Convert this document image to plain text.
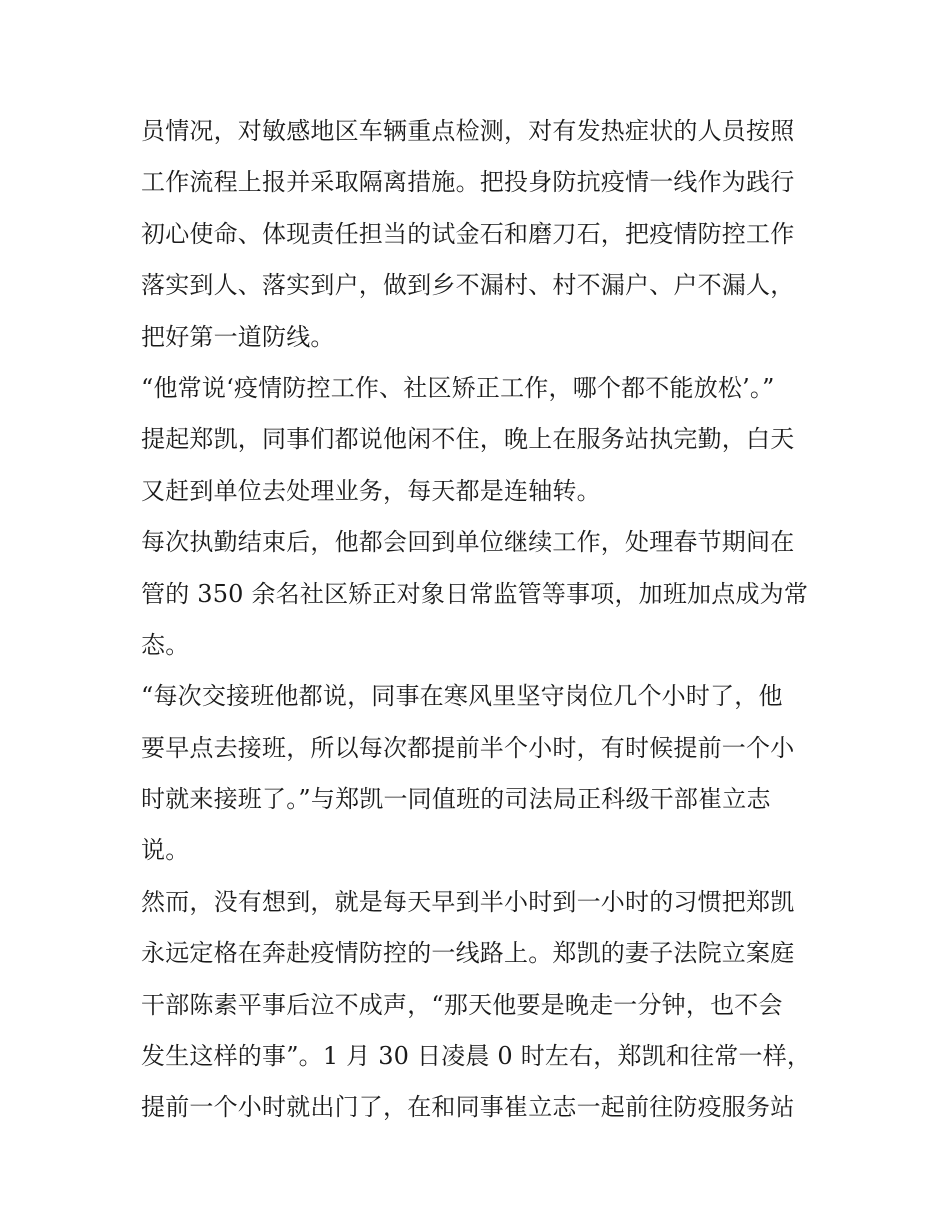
员情况，对敏感地区车辆重点检测，对有发热症状的人员按照
工作流程上报并采取隔离措施。把投身防抗疫情一线作为践行
初心使命、体现责任担当的试金石和磨刀石，把疫情防控工作
落实到人、落实到户，做到乡不漏村、村不漏户、户不漏人，
把好第一道防线。
“他常说‘疫情防控工作、社区矫正工作，哪个都不能放松’。”
提起郑凯，同事们都说他闲不住，晚上在服务站执完勤，白天
又赶到单位去处理业务，每天都是连轴转。
每次执勤结束后，他都会回到单位继续工作，处理春节期间在
管的 350 余名社区矫正对象日常监管等事项，加班加点成为常
态。
“每次交接班他都说，同事在寒风里坚守岗位几个小时了，他
要早点去接班，所以每次都提前半个小时，有时候提前一个小
时就来接班了。”与郑凯一同值班的司法局正科级干部崔立志
说。
然而，没有想到，就是每天早到半小时到一小时的习惯把郑凯
永远定格在奔赴疫情防控的一线路上。郑凯的妻子法院立案庭
干部陈素平事后泣不成声，“那天他要是晚走一分钟，也不会
发生这样的事”。1 月 30 日凌晨 0 时左右，郑凯和往常一样，
提前一个小时就出门了，在和同事崔立志一起前往防疫服务站
